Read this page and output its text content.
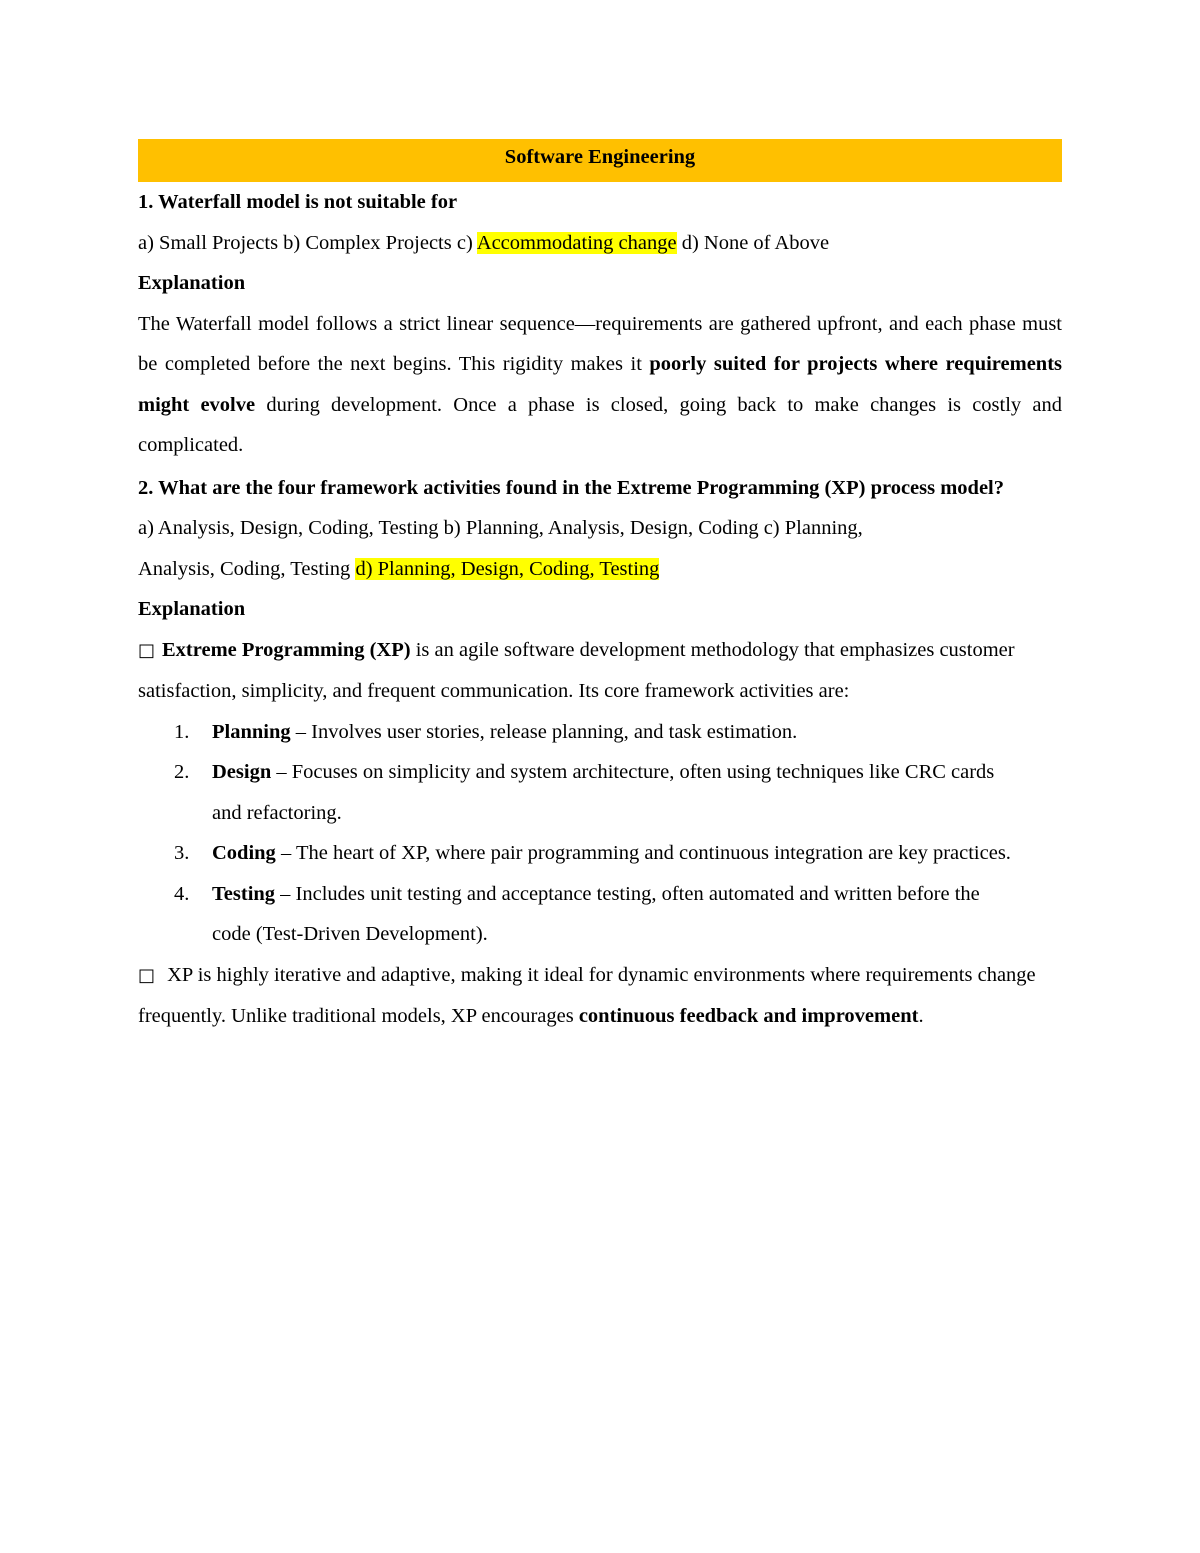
Software Engineering

1. Waterfall model is not suitable for

a) Small Projects b) Complex Projects c) Accommodating change d) None of Above

Explanation

The Waterfall model follows a strict linear sequence—requirements are gathered upfront, and each phase must be completed before the next begins. This rigidity makes it poorly suited for projects where requirements might evolve during development. Once a phase is closed, going back to make changes is costly and complicated.

2. What are the four framework activities found in the Extreme Programming (XP) process model?

a) Analysis, Design, Coding, Testing b) Planning, Analysis, Design, Coding c) Planning,
Analysis, Coding, Testing d) Planning, Design, Coding, Testing

Explanation

□ Extreme Programming (XP) is an agile software development methodology that emphasizes customer satisfaction, simplicity, and frequent communication. Its core framework activities are:

1. Planning – Involves user stories, release planning, and task estimation.
2. Design – Focuses on simplicity and system architecture, often using techniques like CRC cards and refactoring.
3. Coding – The heart of XP, where pair programming and continuous integration are key practices.
4. Testing – Includes unit testing and acceptance testing, often automated and written before the code (Test-Driven Development).

□ XP is highly iterative and adaptive, making it ideal for dynamic environments where requirements change frequently. Unlike traditional models, XP encourages continuous feedback and improvement.
